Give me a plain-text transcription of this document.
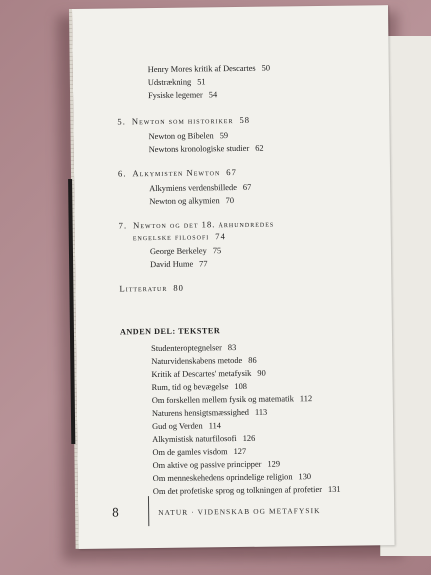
Henry Mores kritik af Descartes 50
Udstrækning 51
Fysiske legemer 54
5. Newton som historiker 58
Newton og Bibelen 59
Newtons kronologiske studier 62
6. Alkymisten Newton 67
Alkymiens verdensbillede 67
Newton og alkymien 70
7. Newton og det 18. århundredes
engelske filosofi 74
George Berkeley 75
David Hume 77
Litteratur 80
ANDEN DEL: TEKSTER
Studenteroptegnelser 83
Naturvidenskabens metode 86
Kritik af Descartes' metafysik 90
Rum, tid og bevægelse 108
Om forskellen mellem fysik og matematik 112
Naturens hensigtsmæssighed 113
Gud og Verden 114
Alkymistisk naturfilosofi 126
Om de gamles visdom 127
Om aktive og passive principper 129
Om menneskehedens oprindelige religion 130
Om det profetiske sprog og tolkningen af profetier 131
8	NATUR · VIDENSKAB OG METAFYSIK
